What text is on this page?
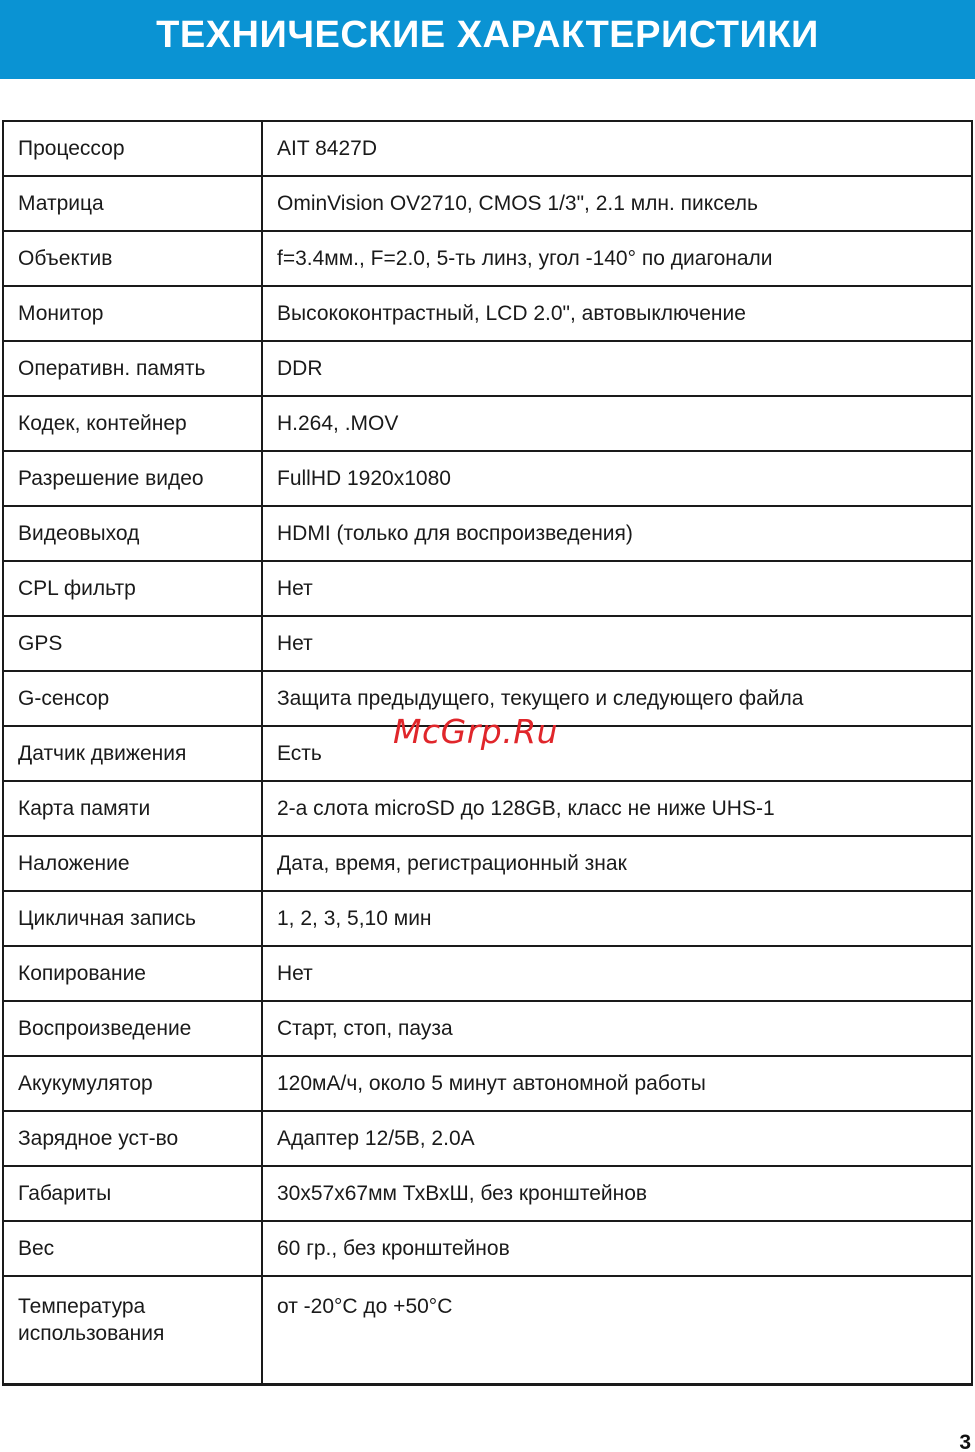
ТЕХНИЧЕСКИЕ ХАРАКТЕРИСТИКИ
Процессор	AIT 8427D
Матрица	OminVision OV2710, CMOS 1/3", 2.1 млн. пиксель
Объектив	f=3.4мм., F=2.0, 5-ть линз, угол -140° по диагонали
Монитор	Высококонтрастный, LCD 2.0", автовыключение
Оперативн. память	DDR
Кодек, контейнер	H.264, .MOV
Разрешение видео	FullHD 1920x1080
Видеовыход	HDMI (только для воспроизведения)
CPL фильтр	Нет
GPS	Нет
G-сенсор	Защита предыдущего, текущего и следующего файла
Датчик движения	Есть
Карта памяти	2-а слота microSD до 128GB, класс не ниже UHS-1
Наложение	Дата, время, регистрационный знак
Цикличная запись	1, 2, 3, 5,10 мин
Копирование	Нет
Воспроизведение	Старт, стоп, пауза
Акукумулятор	120мА/ч, около 5 минут автономной работы
Зарядное уст-во	Адаптер 12/5В, 2.0А
Габариты	30x57x67мм ТхВхШ, без кронштейнов
Вес	60 гр., без кронштейнов
Температура использования	от -20°С до +50°С
McGrp.Ru
3
